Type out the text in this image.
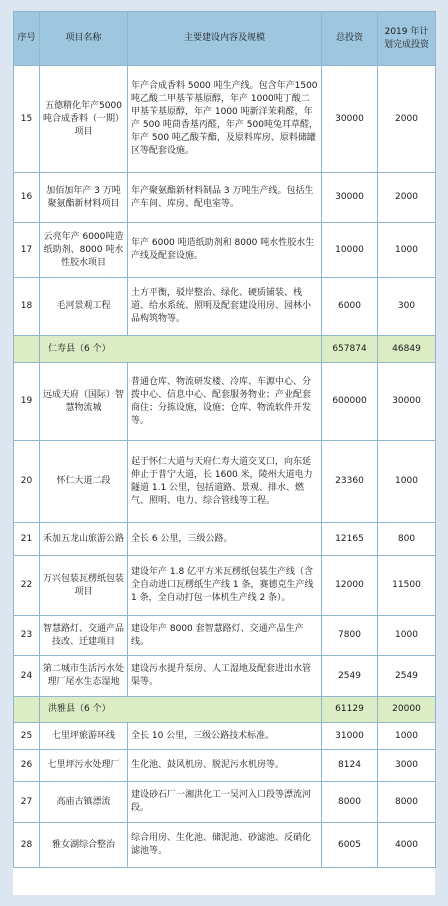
序号	项目名称	主要建设内容及规模	总投资	2019 年计划完成投资
15	五德精化年产5000 吨合成香料（一期）项目	年产合成香料 5000 吨生产线。包含年产1500 吨乙酸二甲基苄基原醇，年产 1000吨丁酸二甲基苄基原醇，年产 1000 吨新洋茉莉醛，年产 500 吨茴香基丙醛，年产 500吨兔耳草醛，年产 500 吨乙酸苄酯，及原料库房、原料储罐区等配套设施。	30000	2000
16	加佰加年产 3 万吨聚氨酯新材料项目	年产聚氨酯新材料制品 3 万吨生产线。包括生产车间、库房、配电室等。	30000	2000
17	云亮年产 6000吨造纸助剂、8000 吨水性胶水项目	年产 6000 吨造纸助剂和 8000 吨水性胶水生产线及配套设施。	10000	1000
18	毛河景观工程	土方平衡，驳岸整治、绿化、硬质铺装、栈道、给水系统、照明及配套建设用房、园林小品构筑物等。	6000	300
	仁寿县（6 个）		657874	46849
19	远成天府（国际）智慧物流城	普通仓库、物流研发楼、冷库、车源中心、分拨中心、信息中心、配套服务物业；产业配套商住；分拣设施，设施；仓库、物流软件开发等。	600000	30000
20	怀仁大道二段	起于怀仁大道与天府仁寿大道交叉口，向东延伸止于普宁大道，长 1600 米，陵州大道电力隧道 1.1 公里，包括道路、景观、排水、燃气、照明、电力、综合管线等工程。	23360	1000
21	禾加五龙山旅游公路	全长 6 公里，三级公路。	12165	800
22	万兴包装瓦楞纸包装项目	建设年产 1.8 亿平方米瓦楞纸包装生产线（含全自动进口瓦楞纸生产线 1 条，赛德克生产线 1 条，全自动打包一体机生产线 2 条）。	12000	11500
23	智慧路灯、交通产品技改、迁建项目	建设年产 8000 套智慧路灯、交通产品生产线。	7800	1000
24	第二城市生活污水处理厂尾水生态湿地	建设污水提升泵房、人工湿地及配套进出水管渠等。	2549	2549
	洪雅县（6 个）		61129	20000
25	七里坪旅游环线	全长 10 公里，三级公路技术标准。	31000	1000
26	七里坪污水处理厂	生化池、鼓风机房、脱泥污水机房等。	8124	3000
27	高庙古镇漂流	建设砂石厂一湘洪化工一吴河入口段等漂流河段。	8000	8000
28	雅女湖综合整治	综合用房、生化池、储泥池、砂滤池、反硝化滤池等。	6005	4000
